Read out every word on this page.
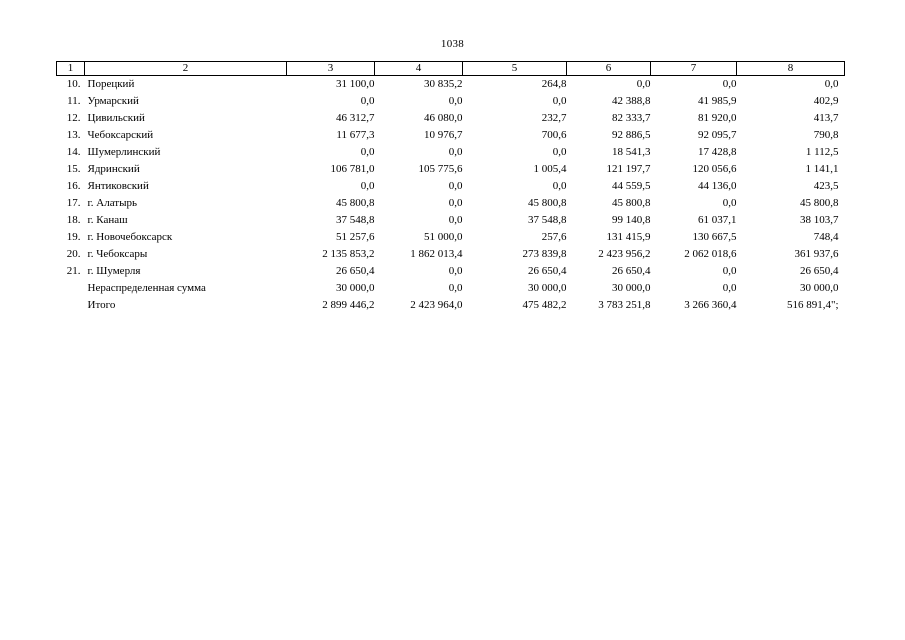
1038
1	2	3	4	5	6	7	8
10.	Порецкий	31 100,0	30 835,2	264,8	0,0	0,0	0,0
11.	Урмарский	0,0	0,0	0,0	42 388,8	41 985,9	402,9
12.	Цивильский	46 312,7	46 080,0	232,7	82 333,7	81 920,0	413,7
13.	Чебоксарский	11 677,3	10 976,7	700,6	92 886,5	92 095,7	790,8
14.	Шумерлинский	0,0	0,0	0,0	18 541,3	17 428,8	1 112,5
15.	Ядринский	106 781,0	105 775,6	1 005,4	121 197,7	120 056,6	1 141,1
16.	Янтиковский	0,0	0,0	0,0	44 559,5	44 136,0	423,5
17.	г. Алатырь	45 800,8	0,0	45 800,8	45 800,8	0,0	45 800,8
18.	г. Канаш	37 548,8	0,0	37 548,8	99 140,8	61 037,1	38 103,7
19.	г. Новочебоксарск	51 257,6	51 000,0	257,6	131 415,9	130 667,5	748,4
20.	г. Чебоксары	2 135 853,2	1 862 013,4	273 839,8	2 423 956,2	2 062 018,6	361 937,6
21.	г. Шумерля	26 650,4	0,0	26 650,4	26 650,4	0,0	26 650,4
	Нераспределенная сумма	30 000,0	0,0	30 000,0	30 000,0	0,0	30 000,0
	Итого	2 899 446,2	2 423 964,0	475 482,2	3 783 251,8	3 266 360,4	516 891,4";
